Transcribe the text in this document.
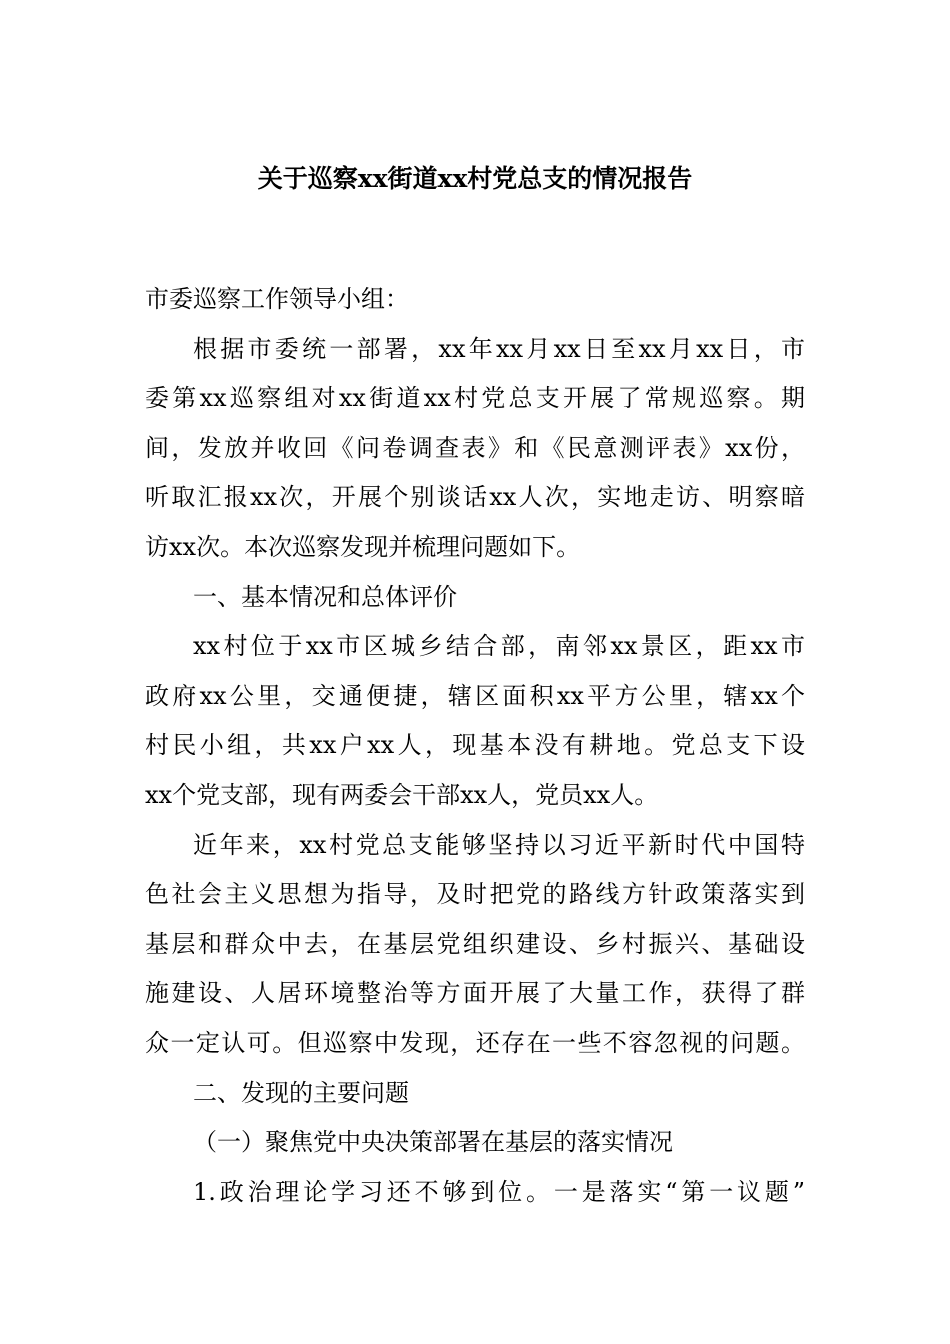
关于巡察xx街道xx村党总支的情况报告
市委巡察工作领导小组：
根据市委统一部署，xx年xx月xx日至xx月xx日，市
委第xx巡察组对xx街道xx村党总支开展了常规巡察。期
间，发放并收回《问卷调查表》和《民意测评表》xx份，
听取汇报xx次，开展个别谈话xx人次，实地走访、明察暗
访xx次。本次巡察发现并梳理问题如下。
一、基本情况和总体评价
xx村位于xx市区城乡结合部，南邻xx景区，距xx市
政府xx公里，交通便捷，辖区面积xx平方公里，辖xx个
村民小组，共xx户xx人，现基本没有耕地。党总支下设
xx个党支部，现有两委会干部xx人，党员xx人。
近年来，xx村党总支能够坚持以习近平新时代中国特
色社会主义思想为指导，及时把党的路线方针政策落实到
基层和群众中去，在基层党组织建设、乡村振兴、基础设
施建设、人居环境整治等方面开展了大量工作，获得了群
众一定认可。但巡察中发现，还存在一些不容忽视的问题。
二、发现的主要问题
（一）聚焦党中央决策部署在基层的落实情况
1.政治理论学习还不够到位。一是落实“第一议题”
